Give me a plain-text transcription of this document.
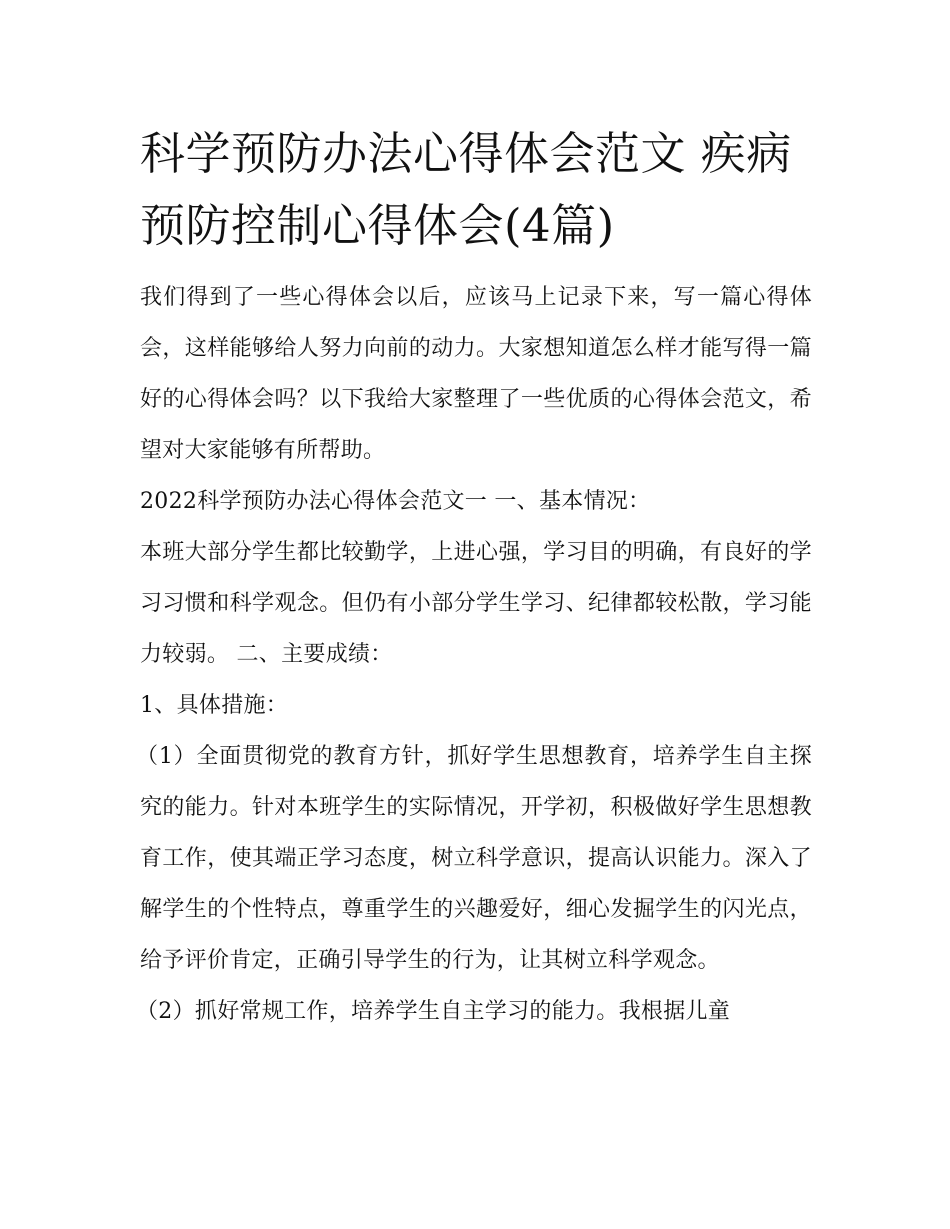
科学预防办法心得体会范文 疾病预防控制心得体会(4篇)

我们得到了一些心得体会以后，应该马上记录下来，写一篇心得体会，这样能够给人努力向前的动力。大家想知道怎么样才能写得一篇好的心得体会吗？以下我给大家整理了一些优质的心得体会范文，希望对大家能够有所帮助。

2022科学预防办法心得体会范文一 一、基本情况：

本班大部分学生都比较勤学，上进心强，学习目的明确，有良好的学习习惯和科学观念。但仍有小部分学生学习、纪律都较松散，学习能力较弱。 二、主要成绩：

1、具体措施：

（1）全面贯彻党的教育方针，抓好学生思想教育，培养学生自主探究的能力。针对本班学生的实际情况，开学初，积极做好学生思想教育工作，使其端正学习态度，树立科学意识，提高认识能力。深入了解学生的个性特点，尊重学生的兴趣爱好，细心发掘学生的闪光点，给予评价肯定，正确引导学生的行为，让其树立科学观念。

（2）抓好常规工作，培养学生自主学习的能力。我根据儿童
